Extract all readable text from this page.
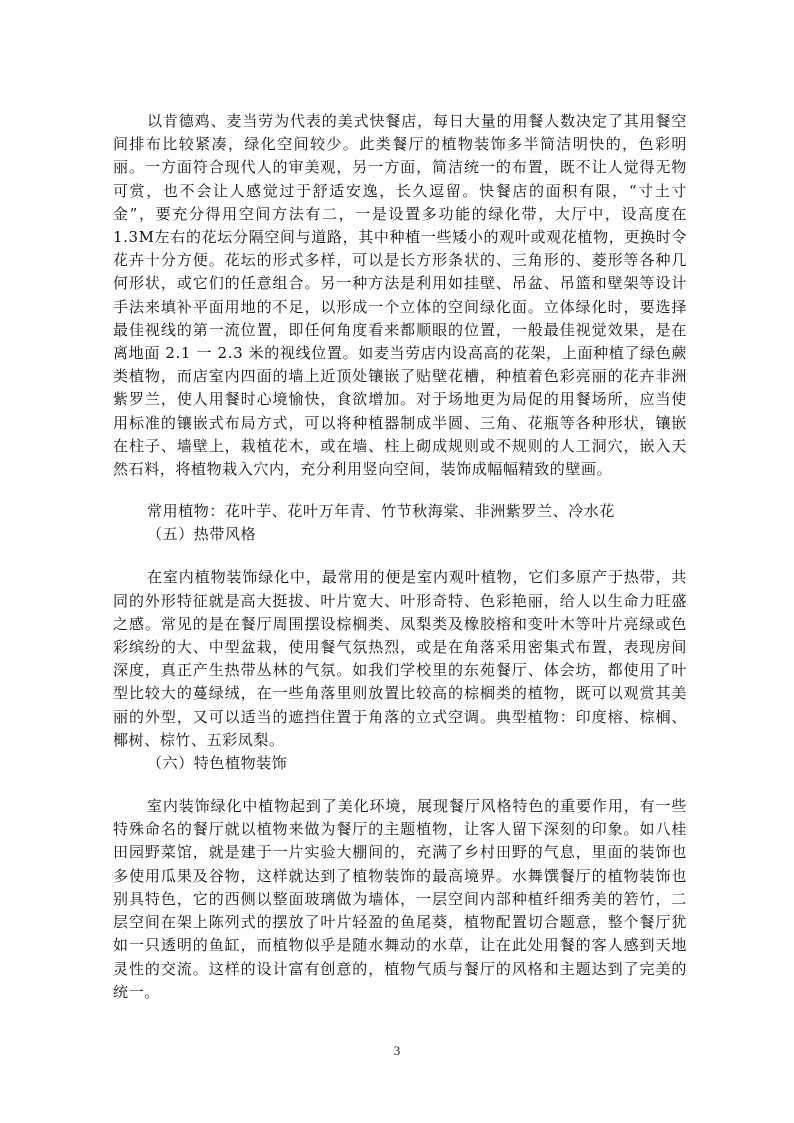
以肯德鸡、麦当劳为代表的美式快餐店，每日大量的用餐人数决定了其用餐空间排布比较紧凑，绿化空间较少。此类餐厅的植物装饰多半简洁明快的，色彩明丽。一方面符合现代人的审美观，另一方面，简洁统一的布置，既不让人觉得无物可赏，也不会让人感觉过于舒适安逸，长久逗留。快餐店的面积有限，“寸土寸金”，要充分得用空间方法有二，一是设置多功能的绿化带，大厅中，设高度在1.3M左右的花坛分隔空间与道路，其中种植一些矮小的观叶或观花植物，更换时令花卉十分方便。花坛的形式多样，可以是长方形条状的、三角形的、菱形等各种几何形状，或它们的任意组合。另一种方法是利用如挂壁、吊盆、吊篮和壁架等设计手法来填补平面用地的不足，以形成一个立体的空间绿化面。立体绿化时，要选择最佳视线的第一流位置，即任何角度看来都顺眼的位置，一般最佳视觉效果，是在离地面 2.1 一 2.3 米的视线位置。如麦当劳店内设高高的花架，上面种植了绿色蕨类植物，而店室内四面的墙上近顶处镶嵌了贴壁花槽，种植着色彩亮丽的花卉非洲紫罗兰，使人用餐时心境愉快，食欲增加。对于场地更为局促的用餐场所，应当使用标准的镶嵌式布局方式，可以将种植器制成半圆、三角、花瓶等各种形状，镶嵌在柱子、墙壁上，栽植花木，或在墙、柱上砌成规则或不规则的人工洞穴，嵌入天然石料，将植物栽入穴内，充分利用竖向空间，装饰成幅幅精致的壁画。

常用植物：花叶芋、花叶万年青、竹节秋海棠、非洲紫罗兰、冷水花

（五）热带风格

在室内植物装饰绿化中，最常用的便是室内观叶植物，它们多原产于热带，共同的外形特征就是高大挺拔、叶片宽大、叶形奇特、色彩艳丽，给人以生命力旺盛之感。常见的是在餐厅周围摆设棕榈类、凤梨类及橡胶榕和变叶木等叶片亮绿或色彩缤纷的大、中型盆栽，使用餐气氛热烈，或是在角落采用密集式布置，表现房间深度，真正产生热带丛林的气氛。如我们学校里的东苑餐厅、体会坊，都使用了叶型比较大的蔓绿绒，在一些角落里则放置比较高的棕榈类的植物，既可以观赏其美丽的外型，又可以适当的遮挡住置于角落的立式空调。典型植物：印度榕、棕榈、椰树、棕竹、五彩凤梨。

（六）特色植物装饰

室内装饰绿化中植物起到了美化环境，展现餐厅风格特色的重要作用，有一些特殊命名的餐厅就以植物来做为餐厅的主题植物，让客人留下深刻的印象。如八桂田园野菜馆，就是建于一片实验大棚间的，充满了乡村田野的气息，里面的装饰也多使用瓜果及谷物，这样就达到了植物装饰的最高境界。水舞馔餐厅的植物装饰也别具特色，它的西侧以整面玻璃做为墙体，一层空间内部种植纤细秀美的箬竹，二层空间在架上陈列式的摆放了叶片轻盈的鱼尾葵，植物配置切合题意，整个餐厅犹如一只透明的鱼缸，而植物似乎是随水舞动的水草，让在此处用餐的客人感到天地灵性的交流。这样的设计富有创意的，植物气质与餐厅的风格和主题达到了完美的统一。

3
